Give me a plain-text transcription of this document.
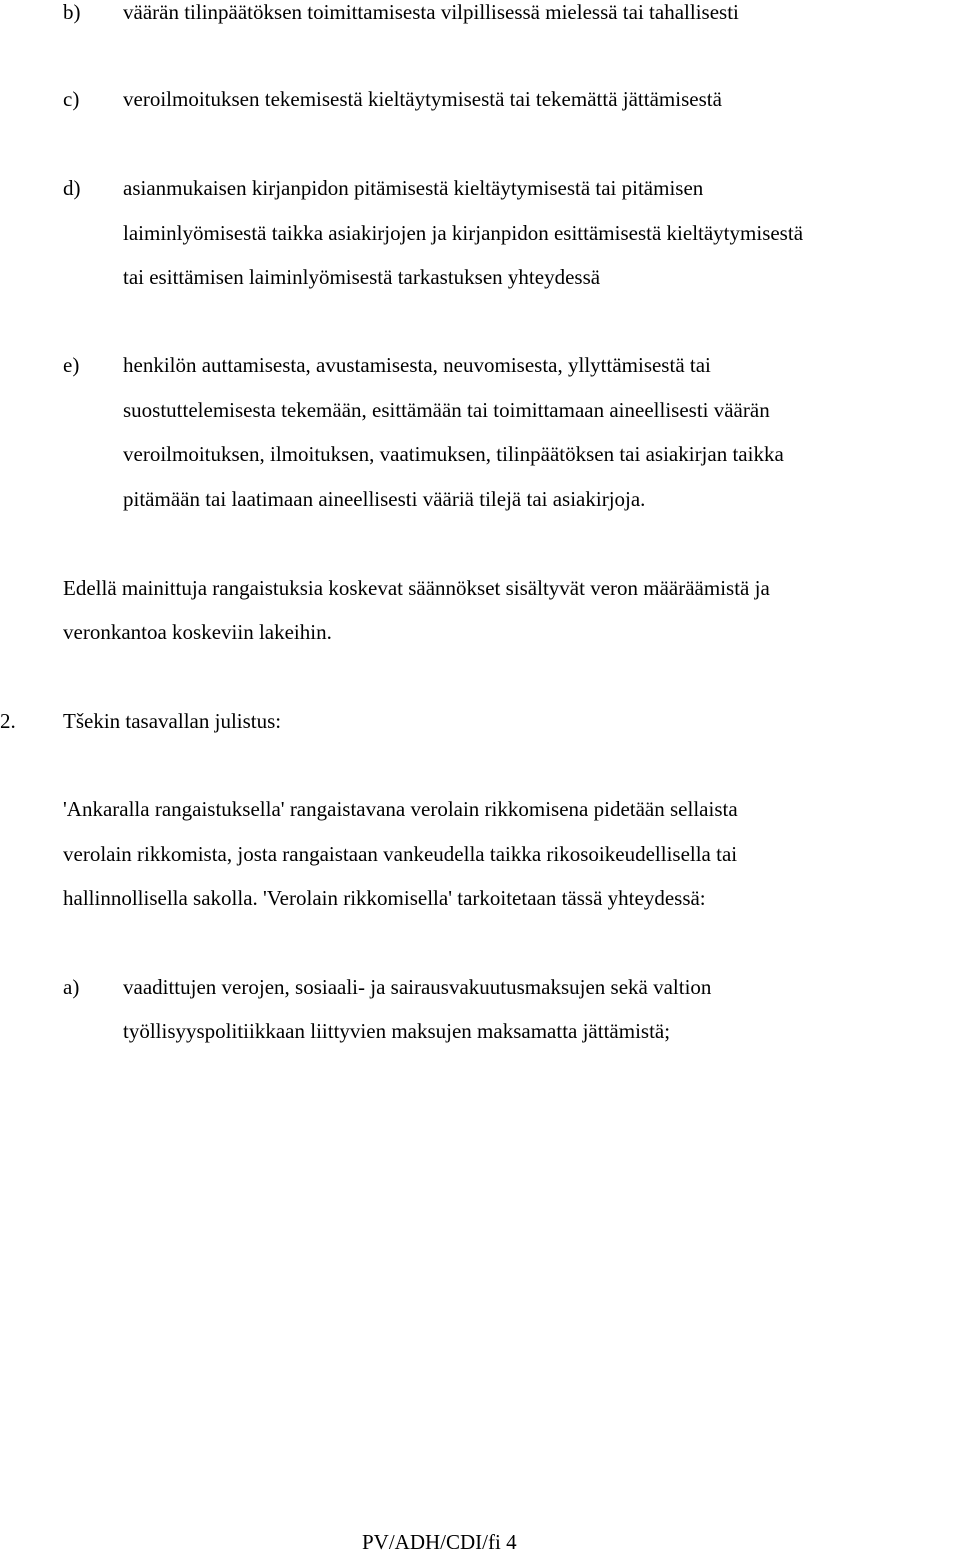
b) väärän tilinpäätöksen toimittamisesta vilpillisessä mielessä tai tahallisesti
c) veroilmoituksen tekemisestä kieltäytymisestä tai tekemättä jättämisestä
d) asianmukaisen kirjanpidon pitämisestä kieltäytymisestä tai pitämisen
laiminlyömisestä taikka asiakirjojen ja kirjanpidon esittämisestä kieltäytymisestä
tai esittämisen laiminlyömisestä tarkastuksen yhteydessä
e) henkilön auttamisesta, avustamisesta, neuvomisesta, yllyttämisestä tai
suostuttelemisesta tekemään, esittämään tai toimittamaan aineellisesti väärän
veroilmoituksen, ilmoituksen, vaatimuksen, tilinpäätöksen tai asiakirjan taikka
pitämään tai laatimaan aineellisesti vääriä tilejä tai asiakirjoja.
Edellä mainittuja rangaistuksia koskevat säännökset sisältyvät veron määräämistä ja
veronkantoa koskeviin lakeihin.
2. Tšekin tasavallan julistus:
'Ankaralla rangaistuksella' rangaistavana verolain rikkomisena pidetään sellaista
verolain rikkomista, josta rangaistaan vankeudella taikka rikosoikeudellisella tai
hallinnollisella sakolla. 'Verolain rikkomisella' tarkoitetaan tässä yhteydessä:
a) vaadittujen verojen, sosiaali- ja sairausvakuutusmaksujen sekä valtion
työllisyyspolitiikkaan liittyvien maksujen maksamatta jättämistä;
PV/ADH/CDI/fi 4
